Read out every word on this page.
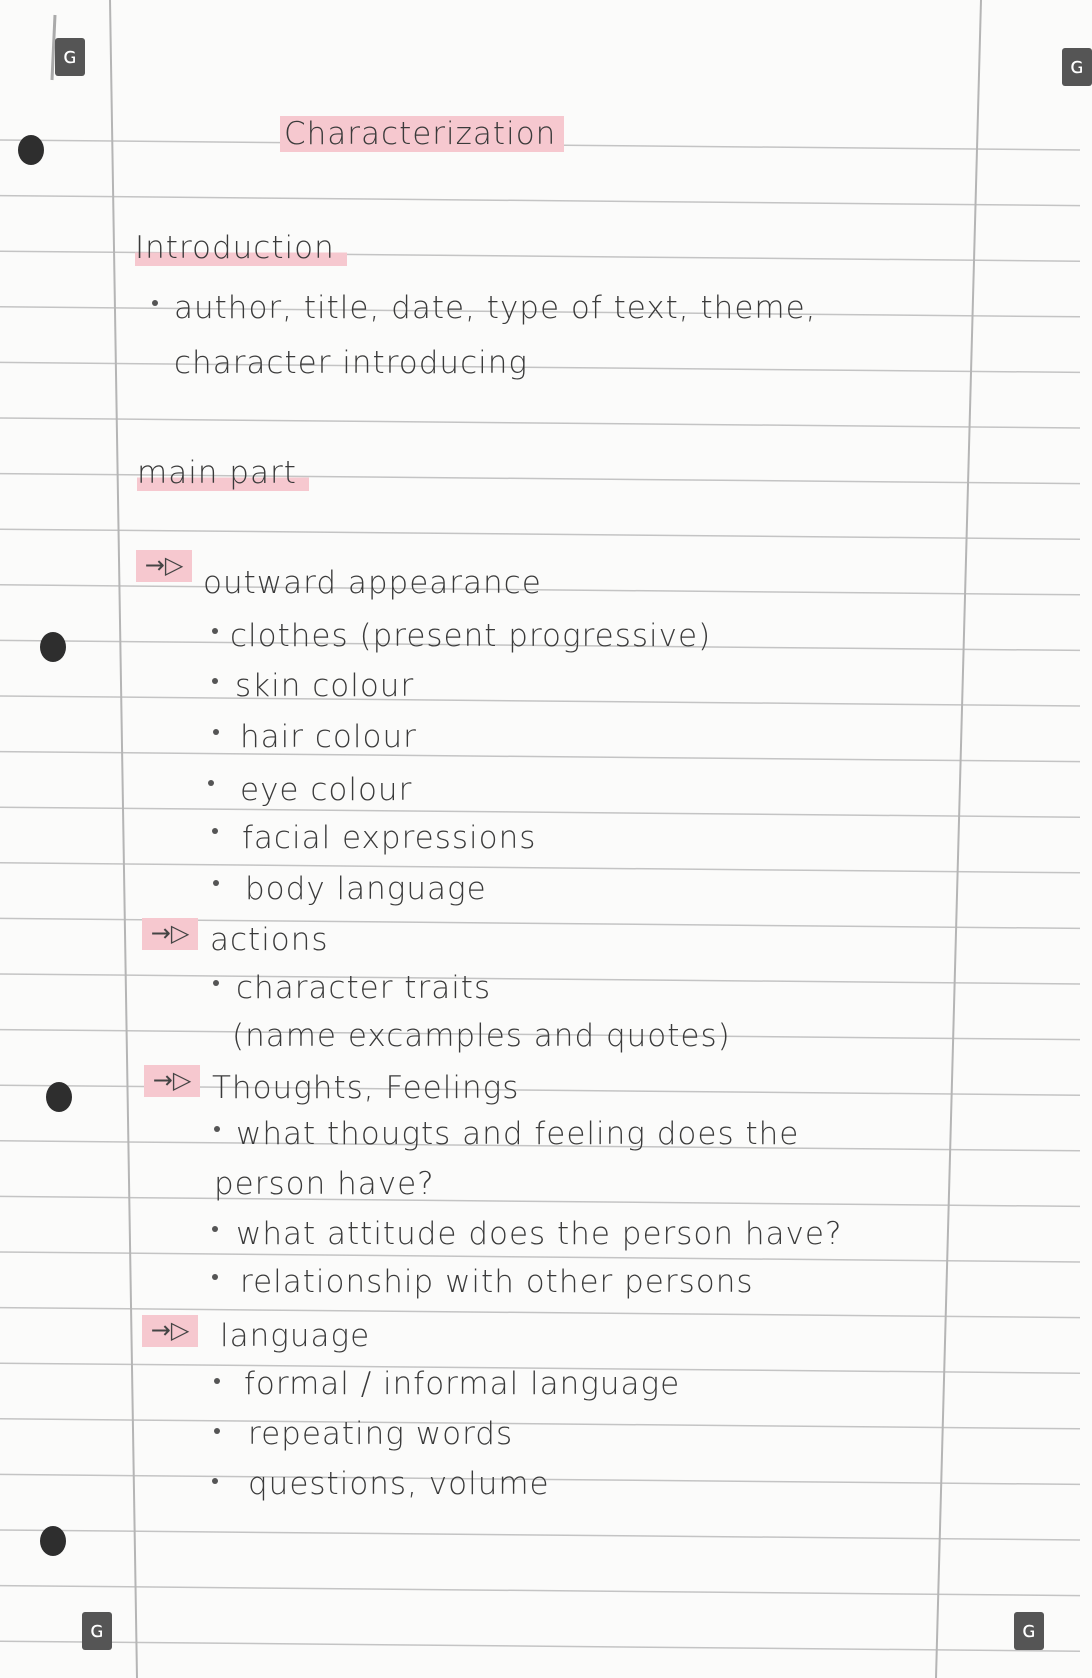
ɢ	ɢ
ɢ	ɢ
Characterization
Introduction
author, title, date, type of text, theme,
character introducing
main part
→▷ outward appearance
clothes (present progressive)
skin colour
hair colour
eye colour
facial expressions
body language
→▷ actions
character traits
(name excamples and quotes)
→▷ Thoughts, Feelings
what thougts and feeling does the
person have?
what attitude does the person have?
relationship with other persons
→▷ language
formal / informal language
repeating words
questions, volume
